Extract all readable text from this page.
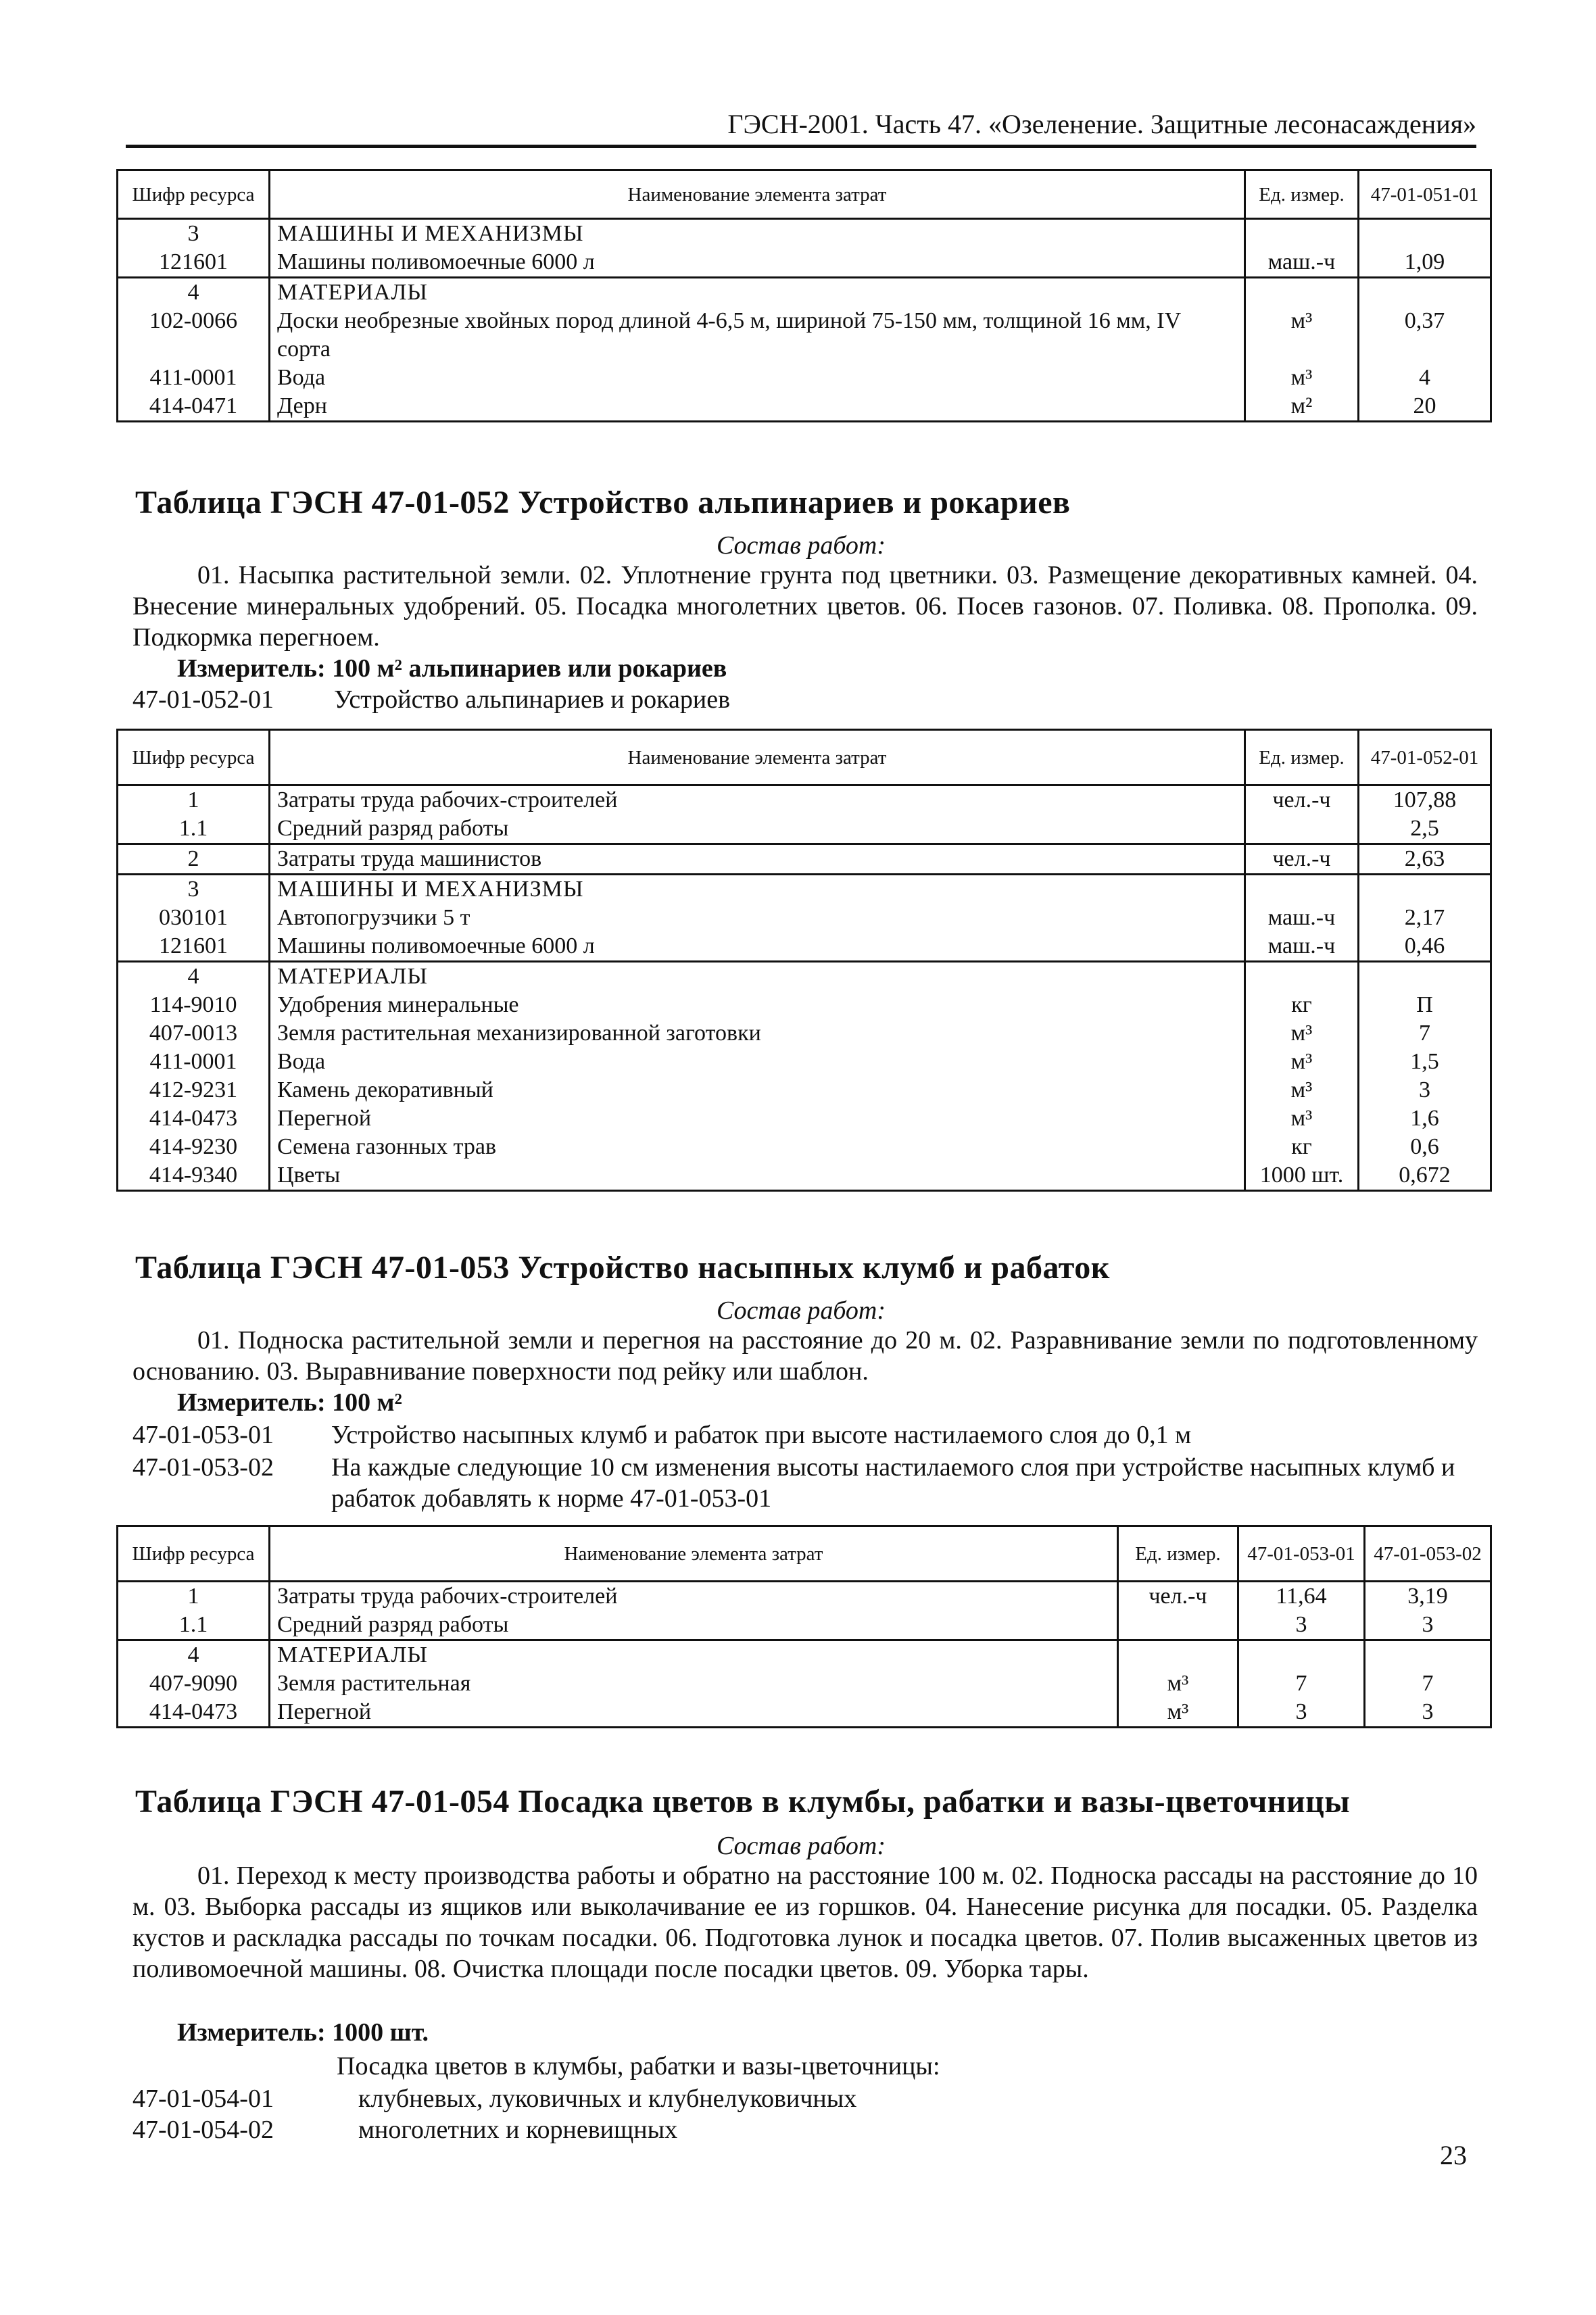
ГЭСН-2001. Часть 47. «Озеленение. Защитные лесонасаждения»
Шифр ресурса	Наименование элемента затрат	Ед. измер.	47-01-051-01
3	МАШИНЫ И МЕХАНИЗМЫ		
121601	Машины поливомоечные 6000 л	маш.-ч	1,09
4	МАТЕРИАЛЫ		
102-0066	Доски необрезные хвойных пород длиной 4-6,5 м, шириной 75-150 мм, толщиной 16 мм, IV сорта	м³	0,37
411-0001	Вода	м³	4
414-0471	Дерн	м²	20
Таблица ГЭСН 47-01-052 Устройство альпинариев и рокариев
Состав работ:
01. Насыпка растительной земли. 02. Уплотнение грунта под цветники. 03. Размещение декоративных камней. 04. Внесение минеральных удобрений. 05. Посадка многолетних цветов. 06. Посев газонов. 07. Поливка. 08. Прополка. 09. Подкормка перегноем.
Измеритель: 100 м² альпинариев или рокариев
47-01-052-01 Устройство альпинариев и рокариев
Шифр ресурса	Наименование элемента затрат	Ед. измер.	47-01-052-01
1	Затраты труда рабочих-строителей	чел.-ч	107,88
1.1	Средний разряд работы		2,5
2	Затраты труда машинистов	чел.-ч	2,63
3	МАШИНЫ И МЕХАНИЗМЫ		
030101	Автопогрузчики 5 т	маш.-ч	2,17
121601	Машины поливомоечные 6000 л	маш.-ч	0,46
4	МАТЕРИАЛЫ		
114-9010	Удобрения минеральные	кг	П
407-0013	Земля растительная механизированной заготовки	м³	7
411-0001	Вода	м³	1,5
412-9231	Камень декоративный	м³	3
414-0473	Перегной	м³	1,6
414-9230	Семена газонных трав	кг	0,6
414-9340	Цветы	1000 шт.	0,672
Таблица ГЭСН 47-01-053 Устройство насыпных клумб и рабаток
Состав работ:
01. Подноска растительной земли и перегноя на расстояние до 20 м. 02. Разравнивание земли по подготовленному основанию. 03. Выравнивание поверхности под рейку или шаблон.
Измеритель: 100 м²
47-01-053-01 Устройство насыпных клумб и рабаток при высоте настилаемого слоя до 0,1 м
47-01-053-02 На каждые следующие 10 см изменения высоты настилаемого слоя при устройстве насыпных клумб и рабаток добавлять к норме 47-01-053-01
Шифр ресурса	Наименование элемента затрат	Ед. измер.	47-01-053-01	47-01-053-02
1	Затраты труда рабочих-строителей	чел.-ч	11,64	3,19
1.1	Средний разряд работы		3	3
4	МАТЕРИАЛЫ			
407-9090	Земля растительная	м³	7	7
414-0473	Перегной	м³	3	3
Таблица ГЭСН 47-01-054 Посадка цветов в клумбы, рабатки и вазы-цветочницы
Состав работ:
01. Переход к месту производства работы и обратно на расстояние 100 м. 02. Подноска рассады на расстояние до 10 м. 03. Выборка рассады из ящиков или выколачивание ее из горшков. 04. Нанесение рисунка для посадки. 05. Разделка кустов и раскладка рассады по точкам посадки. 06. Подготовка лунок и посадка цветов. 07. Полив высаженных цветов из поливомоечной машины. 08. Очистка площади после посадки цветов. 09. Уборка тары.
Измеритель: 1000 шт.
Посадка цветов в клумбы, рабатки и вазы-цветочницы:
47-01-054-01	клубневых, луковичных и клубнелуковичных
47-01-054-02	многолетних и корневищных
23
